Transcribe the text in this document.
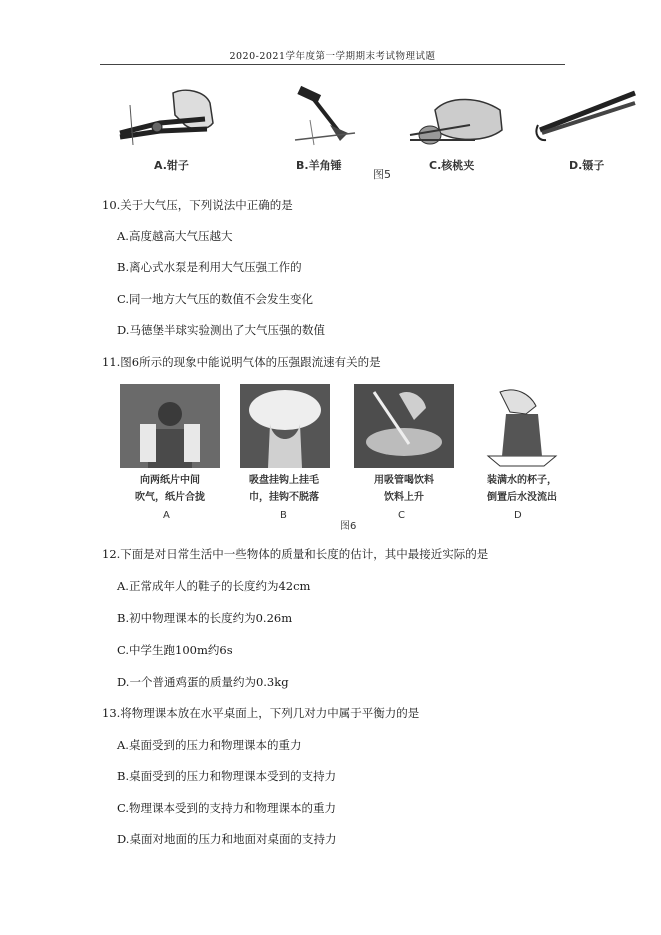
2020-2021学年度第一学期期末考试物理试题
A.钳子	B.羊角锤	C.核桃夹	D.镊子
图5
10.关于大气压，下列说法中正确的是
A.高度越高大气压越大
B.离心式水泵是利用大气压强工作的
C.同一地方大气压的数值不会发生变化
D.马德堡半球实验测出了大气压强的数值
11.图6所示的现象中能说明气体的压强跟流速有关的是
向两纸片中间
吹气，纸片合拢
吸盘挂钩上挂毛
巾，挂钩不脱落
用吸管喝饮料
饮料上升
装满水的杯子，
倒置后水没流出
A	B	C	D
图6
12.下面是对日常生活中一些物体的质量和长度的估计，其中最接近实际的是
A.正常成年人的鞋子的长度约为42cm
B.初中物理课本的长度约为0.26m
C.中学生跑100m约6s
D.一个普通鸡蛋的质量约为0.3kg
13.将物理课本放在水平桌面上，下列几对力中属于平衡力的是
A.桌面受到的压力和物理课本的重力
B.桌面受到的压力和物理课本受到的支持力
C.物理课本受到的支持力和物理课本的重力
D.桌面对地面的压力和地面对桌面的支持力
